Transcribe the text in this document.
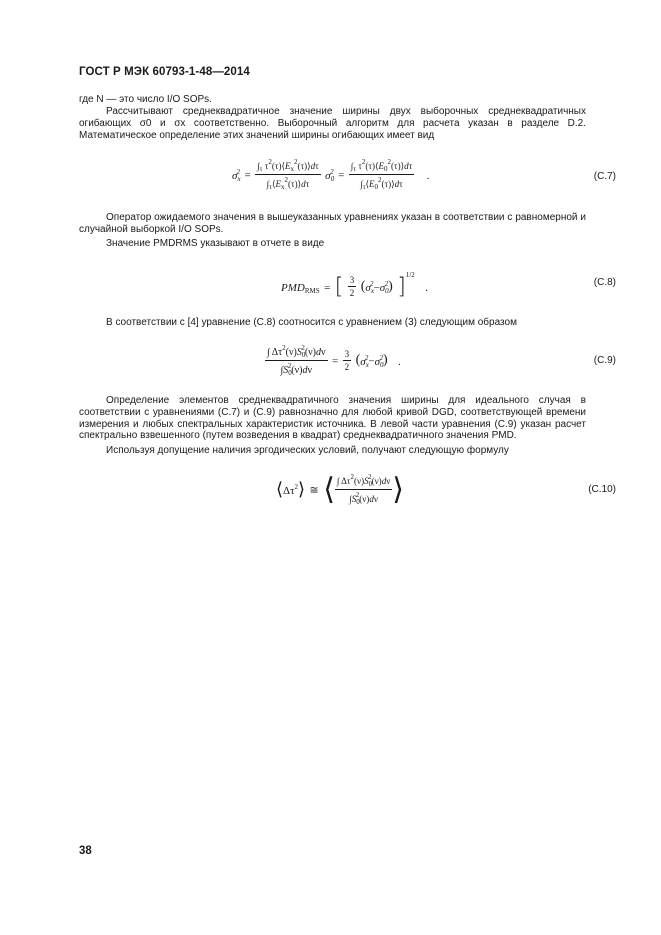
ГОСТ Р МЭК 60793-1-48—2014
где N — это число I/O SOPs.
Рассчитывают среднеквадратичное значение ширины двух выборочных среднеквадратичных огибающих σ0 и σx соответственно. Выборочный алгоритм для расчета указан в разделе D.2. Математическое определение этих значений ширины огибающих имеет вид
$\sigma_x^2 = \frac{\int_\tau \tau^2(\tau)⟨E_x^2(\tau)⟩d\tau}{\int_\tau⟨E_x^2(\tau)⟩d\tau} \sigma_0^2 = \frac{\int_\tau \tau^2(\tau)⟨E_0^2(\tau)⟩d\tau}{\int_\tau⟨E_0^2(\tau)⟩d\tau}$ .	(C.7)
Оператор ожидаемого значения в вышеуказанных уравнениях указан в соответствии с равномерной и случайной выборкой I/O SOPs.
Значение PMDRMS указывают в отчете в виде
$PMD_{RMS}$ = [ $\frac{3}{2} (\sigma_x^2-\sigma_0^2)$ ]$^{1/2}$ .	(C.8)
В соответствии с [4] уравнение (С.8) соотносится с уравнением (3) следующим образом
$\frac{\int \Delta\tau^2(\nu)S_0^2(\nu)d\nu}{\int S_0^2(\nu)d\nu} = \frac{3}{2} (\sigma_x^2-\sigma_0^2)$ .	(C.9)
Определение элементов среднеквадратичного значения ширины для идеального случая в соответствии с уравнениями (С.7) и (С.9) равнозначно для любой кривой DGD, соответствующей времени измерения и любых спектральных характеристик источника. В левой части уравнения (С.9) указан расчет спектрально взвешенного (путем возведения в квадрат) среднеквадратичного значения PMD.
Используя допущение наличия эргодических условий, получают следующую формулу
$⟨\Delta\tau^2⟩$ ≅ ⟨ $\frac{\int \Delta\tau^2(\nu)S_0^2(\nu)d\nu}{\int S_0^2(\nu)d\nu}$ ⟩	(C.10)
38
